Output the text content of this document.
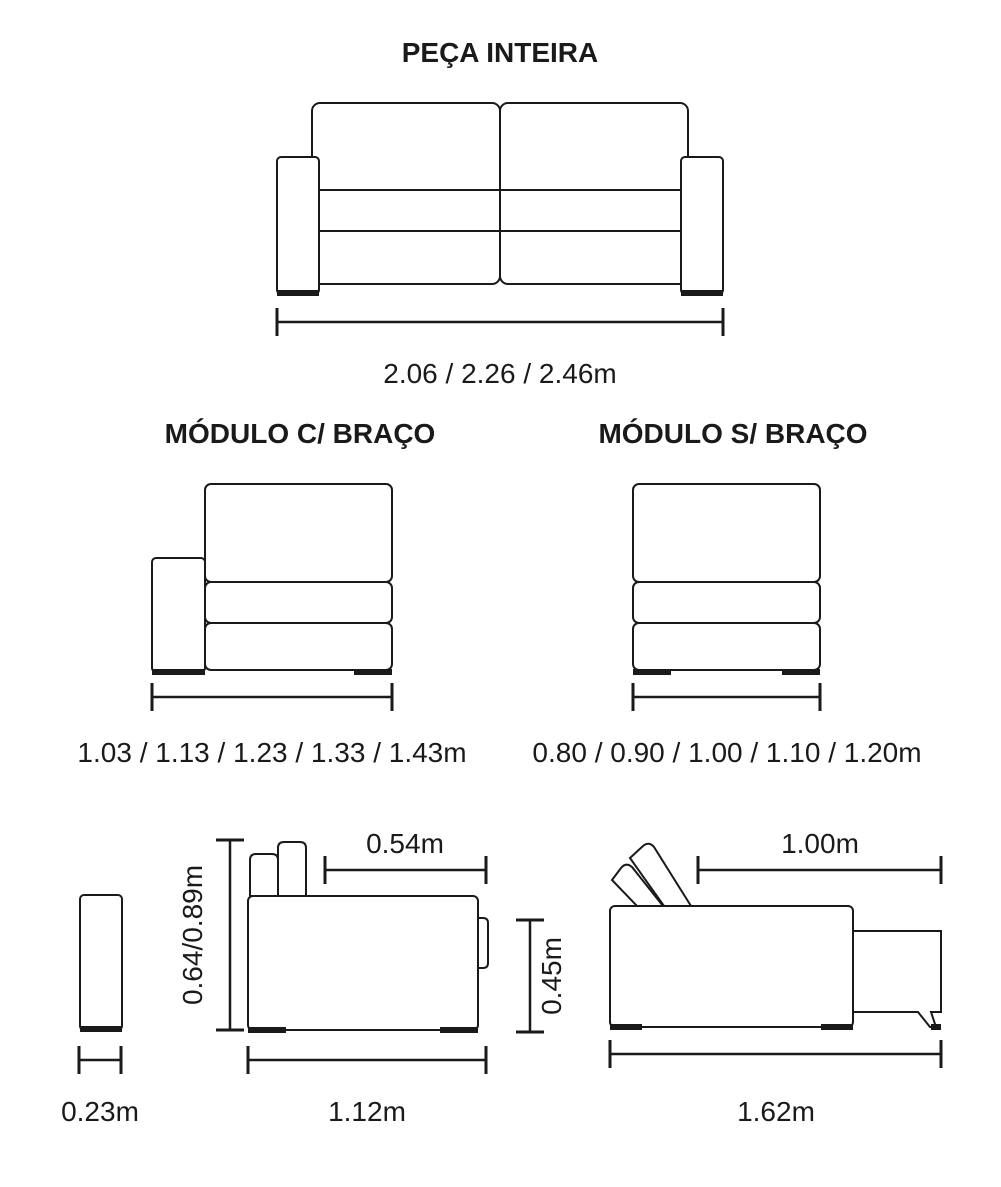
PEÇA INTEIRA
2.06 / 2.26 / 2.46m
MÓDULO C/ BRAÇO
1.03 / 1.13 / 1.23 / 1.33 / 1.43m
MÓDULO S/ BRAÇO
0.80 / 0.90 / 1.00 / 1.10 / 1.20m
0.23m
0.64/0.89m
0.54m
1.12m
0.45m
1.00m
1.62m
